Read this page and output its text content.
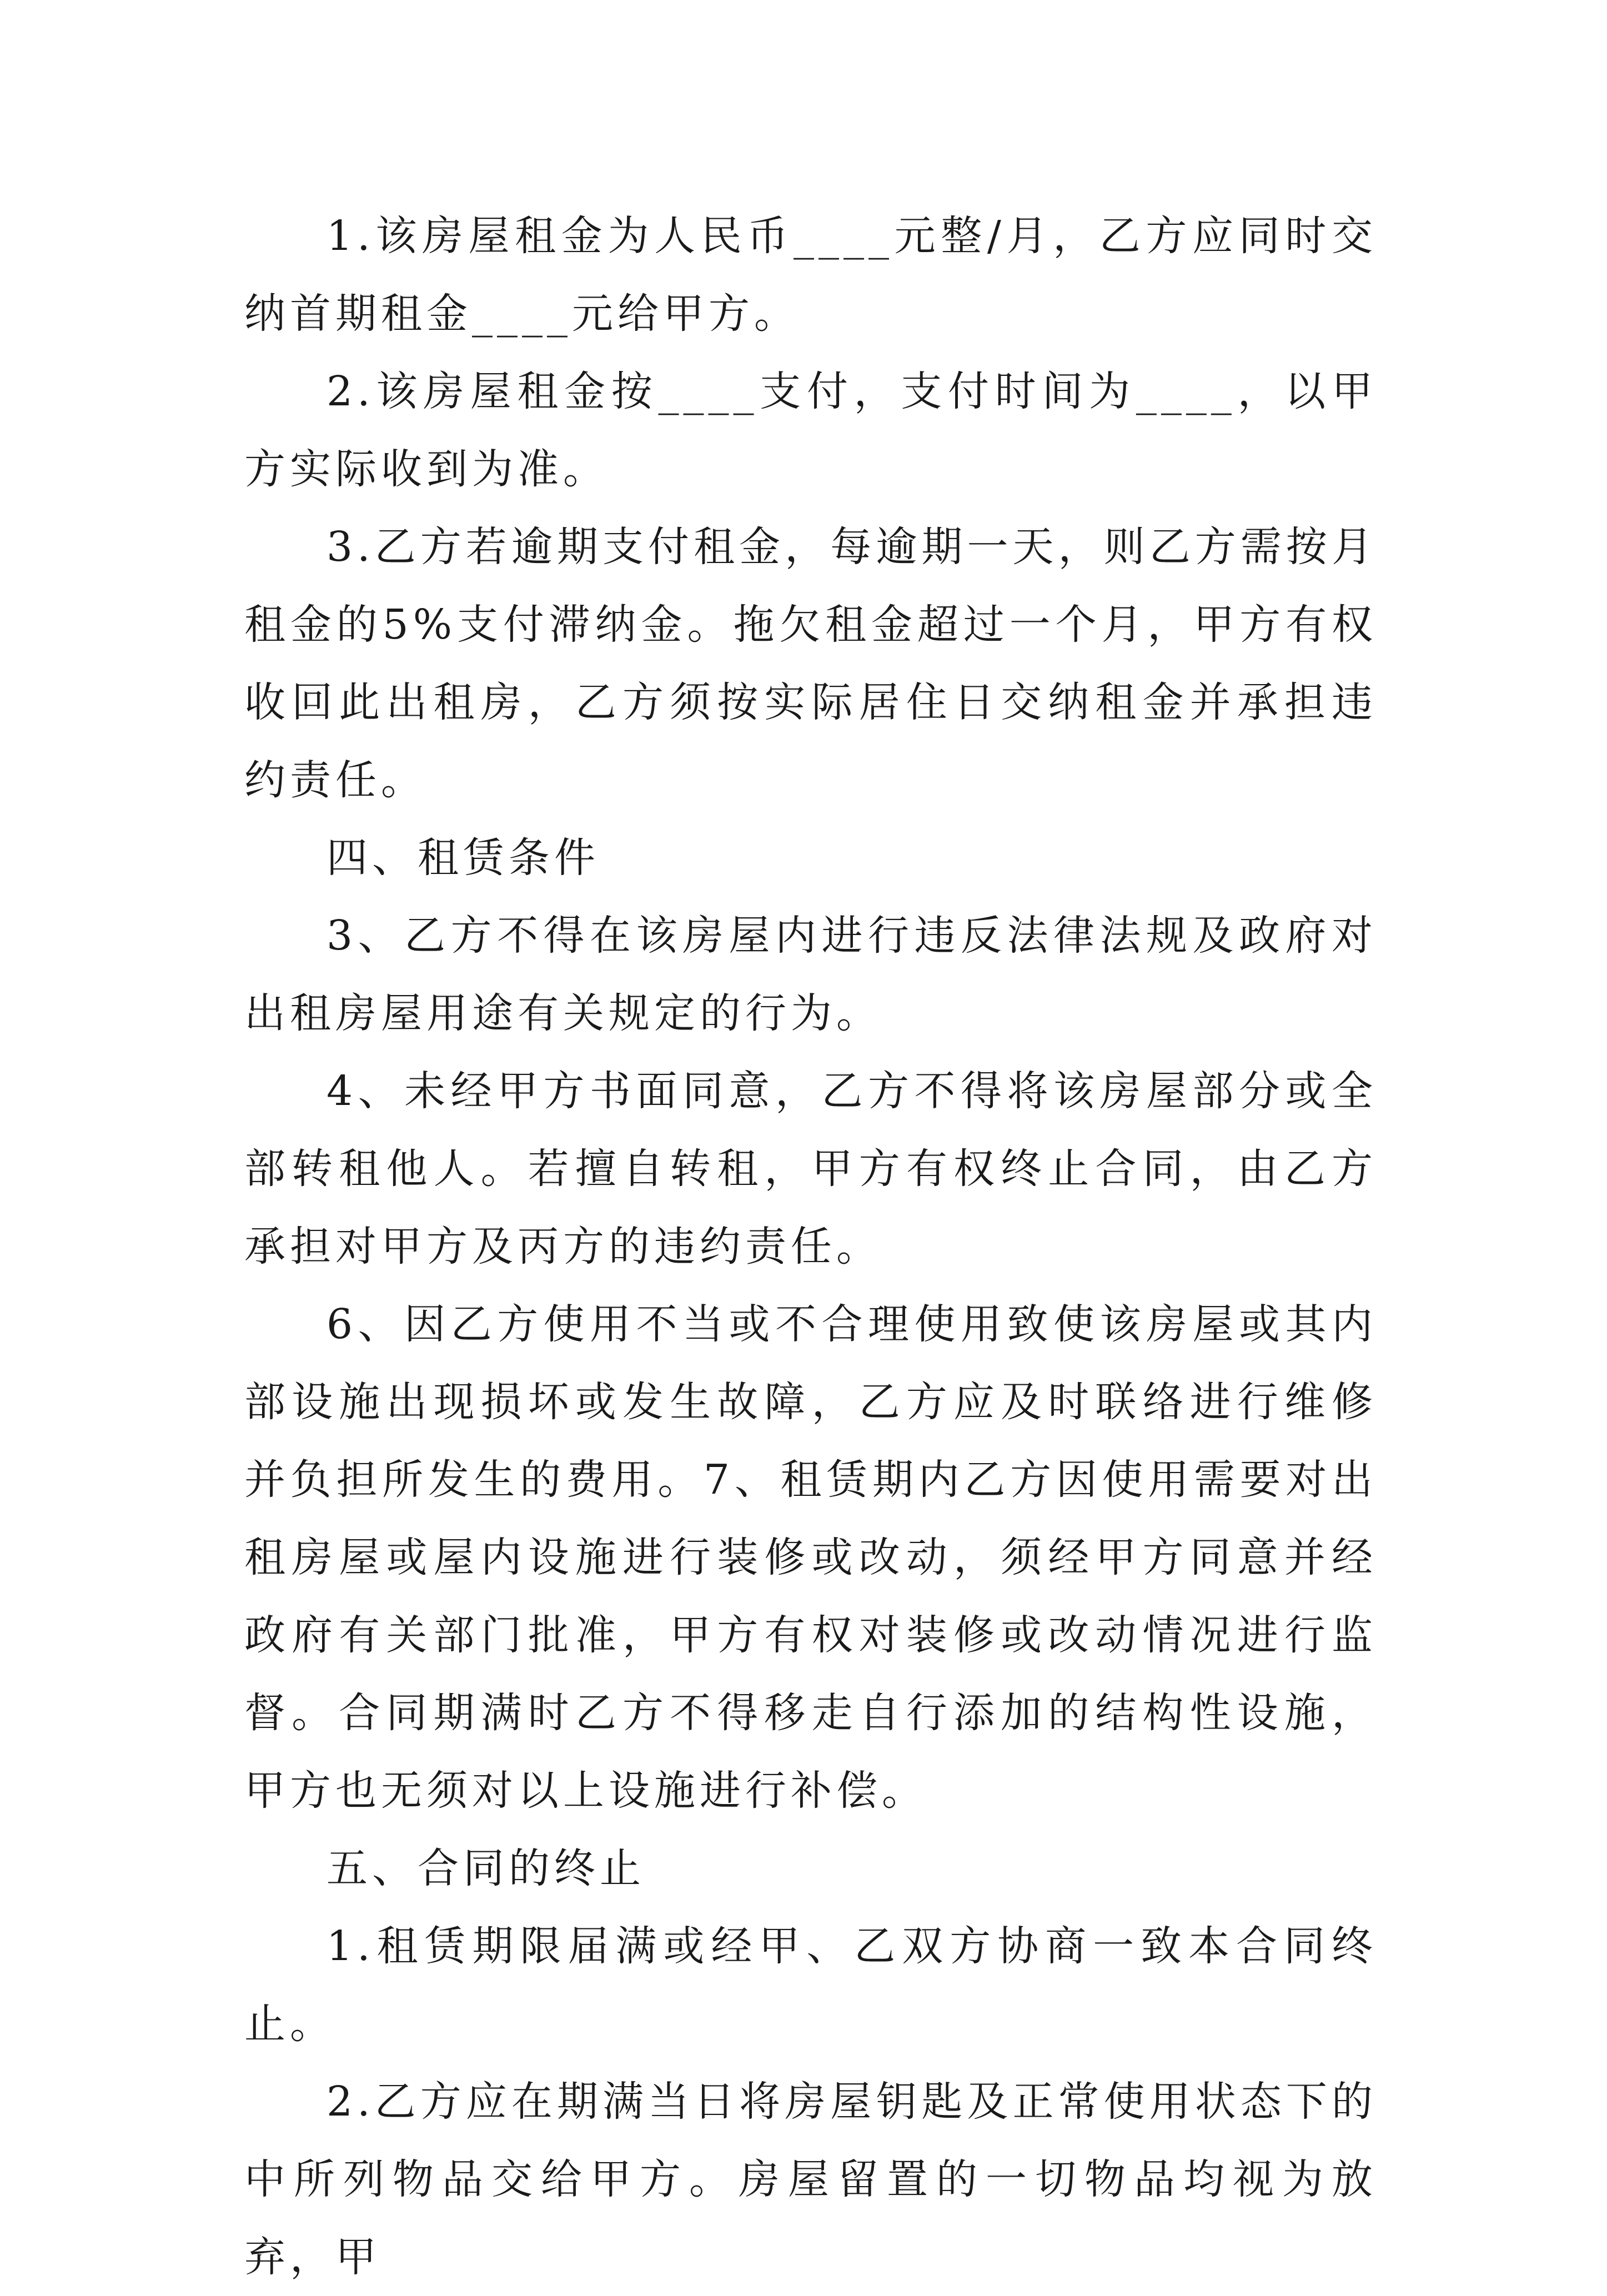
1.该房屋租金为人民币____元整/月，乙方应同时交纳首期租金____元给甲方。

2.该房屋租金按____支付，支付时间为____，以甲方实际收到为准。

3.乙方若逾期支付租金，每逾期一天，则乙方需按月租金的5%支付滞纳金。拖欠租金超过一个月，甲方有权收回此出租房，乙方须按实际居住日交纳租金并承担违约责任。

四、租赁条件

3、乙方不得在该房屋内进行违反法律法规及政府对出租房屋用途有关规定的行为。

4、未经甲方书面同意，乙方不得将该房屋部分或全部转租他人。若擅自转租，甲方有权终止合同，由乙方承担对甲方及丙方的违约责任。

6、因乙方使用不当或不合理使用致使该房屋或其内部设施出现损坏或发生故障，乙方应及时联络进行维修并负担所发生的费用。7、租赁期内乙方因使用需要对出租房屋或屋内设施进行装修或改动，须经甲方同意并经政府有关部门批准，甲方有权对装修或改动情况进行监督。合同期满时乙方不得移走自行添加的结构性设施，甲方也无须对以上设施进行补偿。

五、合同的终止

1.租赁期限届满或经甲、乙双方协商一致本合同终止。

2.乙方应在期满当日将房屋钥匙及正常使用状态下的中所列物品交给甲方。房屋留置的一切物品均视为放弃，甲
